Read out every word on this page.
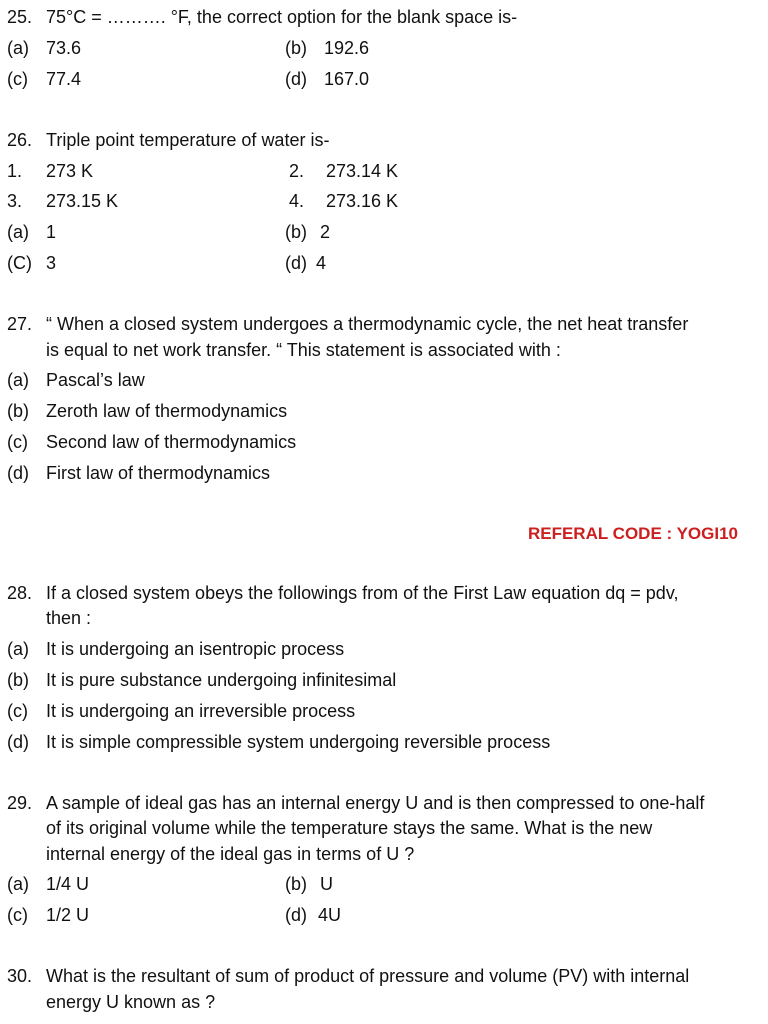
25. 75°C = ………. °F, the correct option for the blank space is-
(a) 73.6	(b) 192.6
(c) 77.4	(d) 167.0
26. Triple point temperature of water is-
1. 273 K	2. 273.14 K
3. 273.15 K	4. 273.16 K
(a) 1	(b) 2
(C) 3	(d) 4
27. “ When a closed system undergoes a thermodynamic cycle, the net heat transfer
is equal to net work transfer. “ This statement is associated with :
(a) Pascal’s law
(b) Zeroth law of thermodynamics
(c) Second law of thermodynamics
(d) First law of thermodynamics
REFERAL CODE : YOGI10
28. If a closed system obeys the followings from of the First Law equation dq = pdv,
then :
(a) It is undergoing an isentropic process
(b) It is pure substance undergoing infinitesimal
(c) It is undergoing an irreversible process
(d) It is simple compressible system undergoing reversible process
29. A sample of ideal gas has an internal energy U and is then compressed to one-half
of its original volume while the temperature stays the same. What is the new
internal energy of the ideal gas in terms of U ?
(a) 1/4 U	(b) U
(c) 1/2 U	(d) 4U
30. What is the resultant of sum of product of pressure and volume (PV) with internal
energy U known as ?
